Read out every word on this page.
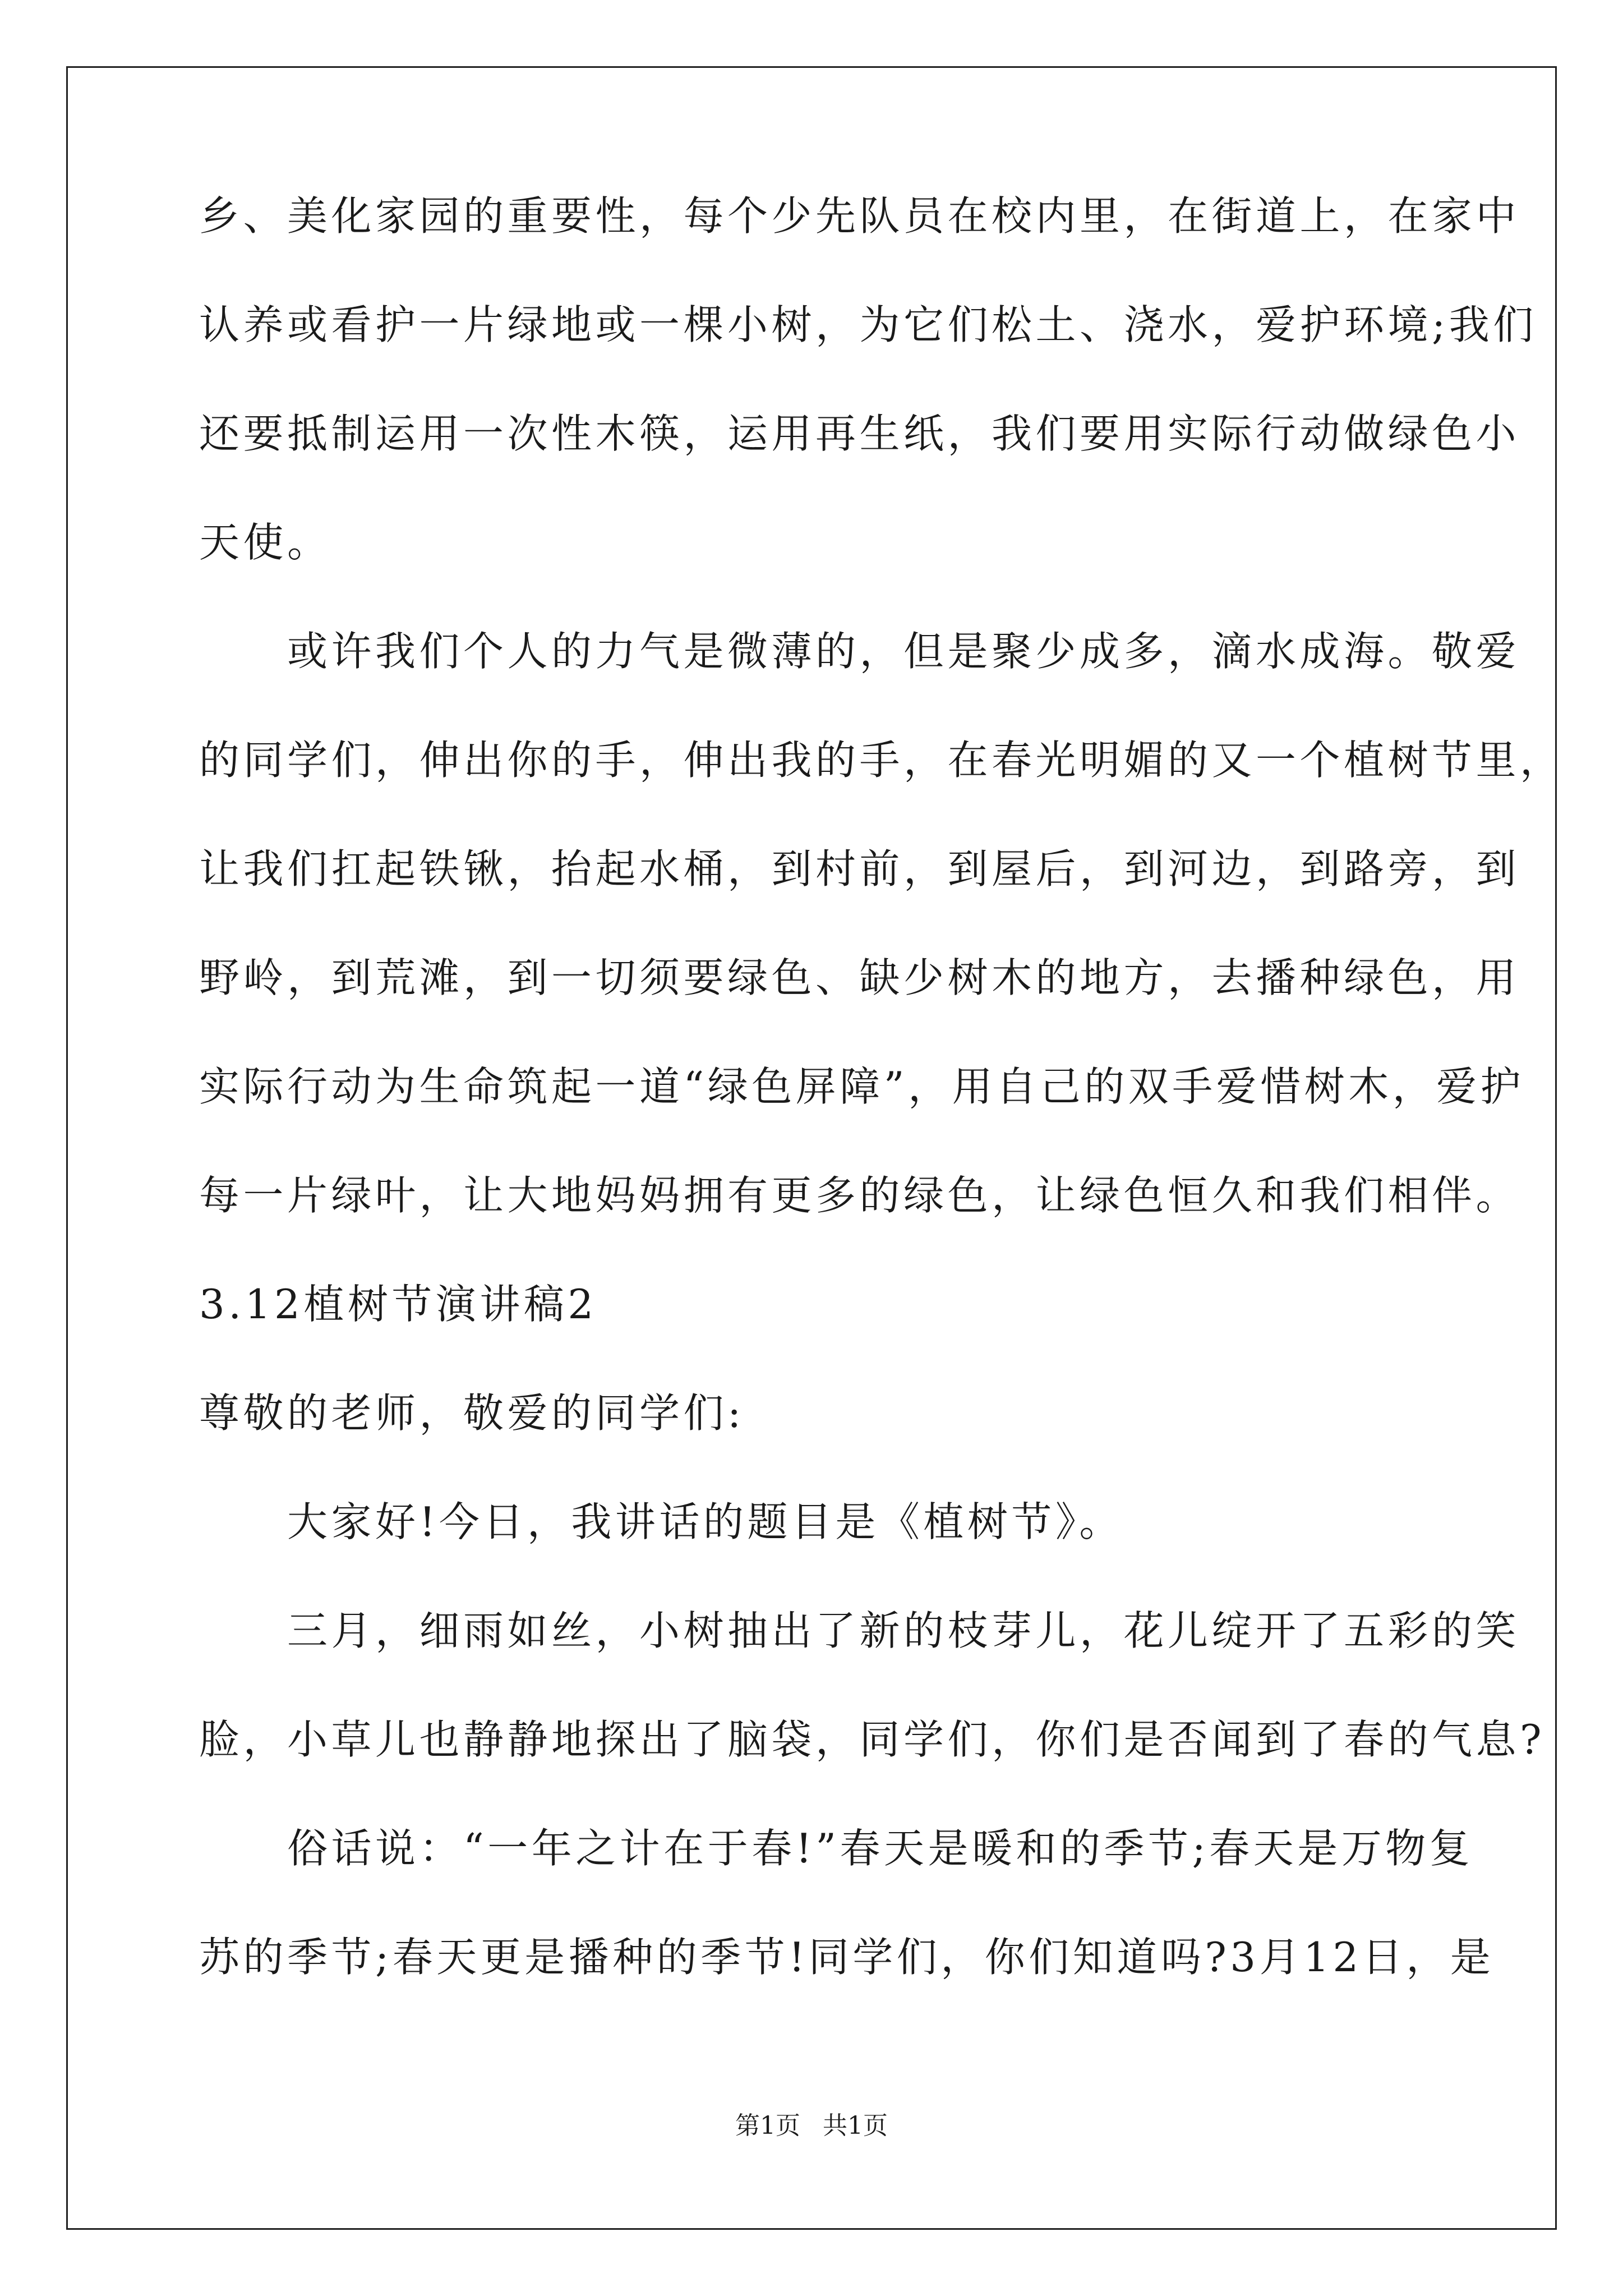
乡、美化家园的重要性，每个少先队员在校内里，在街道上，在家中
认养或看护一片绿地或一棵小树，为它们松土、浇水，爱护环境;我们
还要抵制运用一次性木筷，运用再生纸，我们要用实际行动做绿色小
天使。
　　或许我们个人的力气是微薄的，但是聚少成多，滴水成海。敬爱
的同学们，伸出你的手，伸出我的手，在春光明媚的又一个植树节里，
让我们扛起铁锹，抬起水桶，到村前，到屋后，到河边，到路旁，到
野岭，到荒滩，到一切须要绿色、缺少树木的地方，去播种绿色，用
实际行动为生命筑起一道“绿色屏障”，用自己的双手爱惜树木，爱护
每一片绿叶，让大地妈妈拥有更多的绿色，让绿色恒久和我们相伴。
3.12植树节演讲稿2
尊敬的老师，敬爱的同学们:
　　大家好!今日，我讲话的题目是《植树节》。
　　三月，细雨如丝，小树抽出了新的枝芽儿，花儿绽开了五彩的笑
脸，小草儿也静静地探出了脑袋，同学们，你们是否闻到了春的气息?
　　俗话说：“一年之计在于春!”春天是暖和的季节;春天是万物复
苏的季节;春天更是播种的季节!同学们，你们知道吗?3月12日，是
第1页 共1页
